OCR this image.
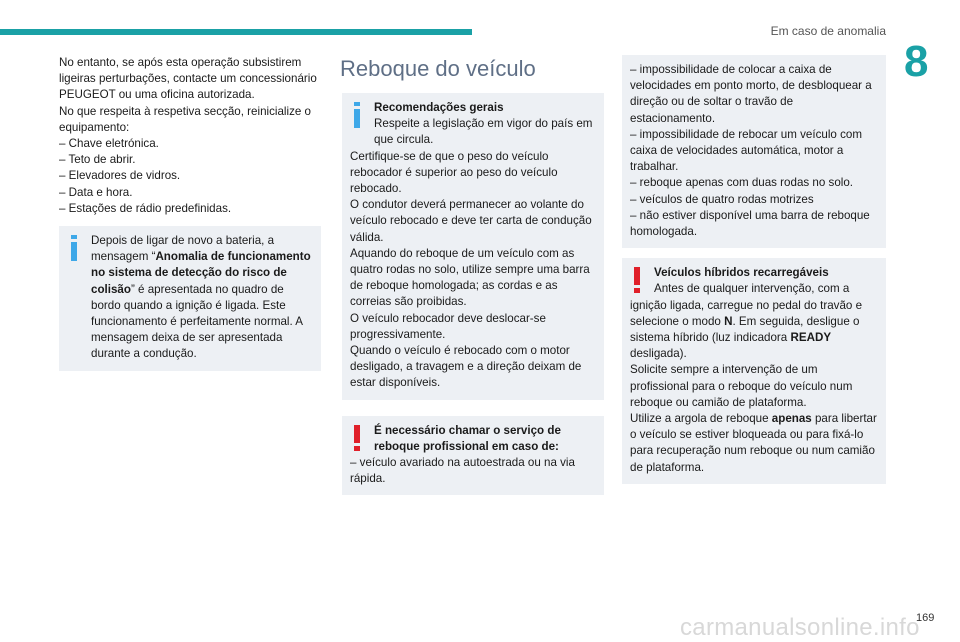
Em caso de anomalia
8

No entanto, se após esta operação subsistirem ligeiras perturbações, contacte um concessionário PEUGEOT ou uma oficina autorizada.

No que respeita à respetiva secção, reinicialize o equipamento:

– Chave eletrónica.

– Teto de abrir.

– Elevadores de vidros.

– Data e hora.

– Estações de rádio predefinidas.

Depois de ligar de novo a bateria, a mensagem “Anomalia de funcionamento no sistema de detecção do risco de colisão” é apresentada no quadro de bordo quando a ignição é ligada. Este funcionamento é perfeitamente normal. A mensagem deixa de ser apresentada durante a condução.

Reboque do veículo

Recomendações gerais

Respeite a legislação em vigor do país em que circula.

Certifique-se de que o peso do veículo rebocador é superior ao peso do veículo rebocado.

O condutor deverá permanecer ao volante do veículo rebocado e deve ter carta de condução válida.

Aquando do reboque de um veículo com as quatro rodas no solo, utilize sempre uma barra de reboque homologada; as cordas e as correias são proibidas.

O veículo rebocador deve deslocar-se progressivamente.

Quando o veículo é rebocado com o motor desligado, a travagem e a direção deixam de estar disponíveis.

É necessário chamar o serviço de reboque profissional em caso de:

– veículo avariado na autoestrada ou na via rápida.

– impossibilidade de colocar a caixa de velocidades em ponto morto, de desbloquear a direção ou de soltar o travão de estacionamento.

– impossibilidade de rebocar um veículo com caixa de velocidades automática, motor a trabalhar.

– reboque apenas com duas rodas no solo.

– veículos de quatro rodas motrizes

– não estiver disponível uma barra de reboque homologada.

Veículos híbridos recarregáveis

Antes de qualquer intervenção, com a ignição ligada, carregue no pedal do travão e selecione o modo N. Em seguida, desligue o sistema híbrido (luz indicadora READY desligada).

Solicite sempre a intervenção de um profissional para o reboque do veículo num reboque ou camião de plataforma.

Utilize a argola de reboque apenas para libertar o veículo se estiver bloqueada ou para fixá-lo para recuperação num reboque ou num camião de plataforma.

carmanualsonline.info
169
